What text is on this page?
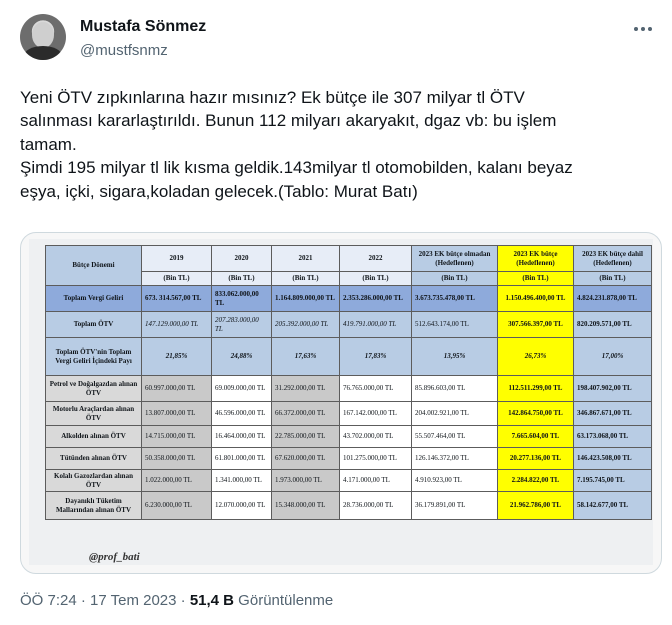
Mustafa Sönmez
@mustfsnmz

Yeni ÖTV zıpkınlarına hazır mısınız? Ek bütçe ile 307 milyar tl ÖTV

salınması kararlaştırıldı. Bunun 112 milyarı akaryakıt, dgaz vb: bu işlem

tamam.

Şimdi 195 milyar tl lik kısma geldik.143milyar tl otomobilden, kalanı beyaz

eşya, içki, sigara,koladan gelecek.(Tablo: Murat Batı)

Bütçe Dönemi	2019	2020	2021	2022	2023 EK bütçe olmadan (Hedeflenen)	2023 EK bütçe (Hedeflenen)	2023 EK bütçe dahil (Hedeflenen)
	(Bin TL)	(Bin TL)	(Bin TL)	(Bin TL)	(Bin TL)	(Bin TL)	(Bin TL)
Toplam Vergi Geliri	673. 314.567,00 TL	833.062.000,00 TL	1.164.809.000,00 TL	2.353.286.000,00 TL	3.673.735.478,00 TL	1.150.496.400,00 TL	4.824.231.878,00 TL
Toplam ÖTV	147.129.000,00 TL	207.283.000,00 TL	205.392.000,00 TL	419.791.000,00 TL	512.643.174,00 TL	307.566.397,00 TL	820.209.571,00 TL
Toplam ÖTV'nin Toplam Vergi Geliri İçindeki Payı	21,85%	24,88%	17,63%	17,83%	13,95%	26,73%	17,00%
Petrol ve Doğalgazdan alınan ÖTV	60.997.000,00 TL	69.009.000,00 TL	31.292.000,00 TL	76.765.000,00 TL	85.896.603,00 TL	112.511.299,00 TL	198.407.902,00 TL
Motorlu Araçlardan alınan ÖTV	13.807.000,00 TL	46.596.000,00 TL	66.372.000,00 TL	167.142.000,00 TL	204.002.921,00 TL	142.864.750,00 TL	346.867.671,00 TL
Alkolden alınan ÖTV	14.715.000,00 TL	16.464.000,00 TL	22.785.000,00 TL	43.702.000,00 TL	55.507.464,00 TL	7.665.604,00 TL	63.173.068,00 TL
Tütünden alınan ÖTV	50.358.000,00 TL	61.801.000,00 TL	67.620.000,00 TL	101.275.000,00 TL	126.146.372,00 TL	20.277.136,00 TL	146.423.508,00 TL
Kolalı Gazozlardan alınan ÖTV	1.022.000,00 TL	1.341.000,00 TL	1.973.000,00 TL	4.171.000,00 TL	4.910.923,00 TL	2.284.822,00 TL	7.195.745,00 TL
Dayanıklı Tüketim Mallarından alınan ÖTV	6.230.000,00 TL	12.070.000,00 TL	15.348.000,00 TL	28.736.000,00 TL	36.179.891,00 TL	21.962.786,00 TL	58.142.677,00 TL
@prof_bati
ÖÖ 7:24 · 17 Tem 2023 · 51,4 B Görüntülenme
